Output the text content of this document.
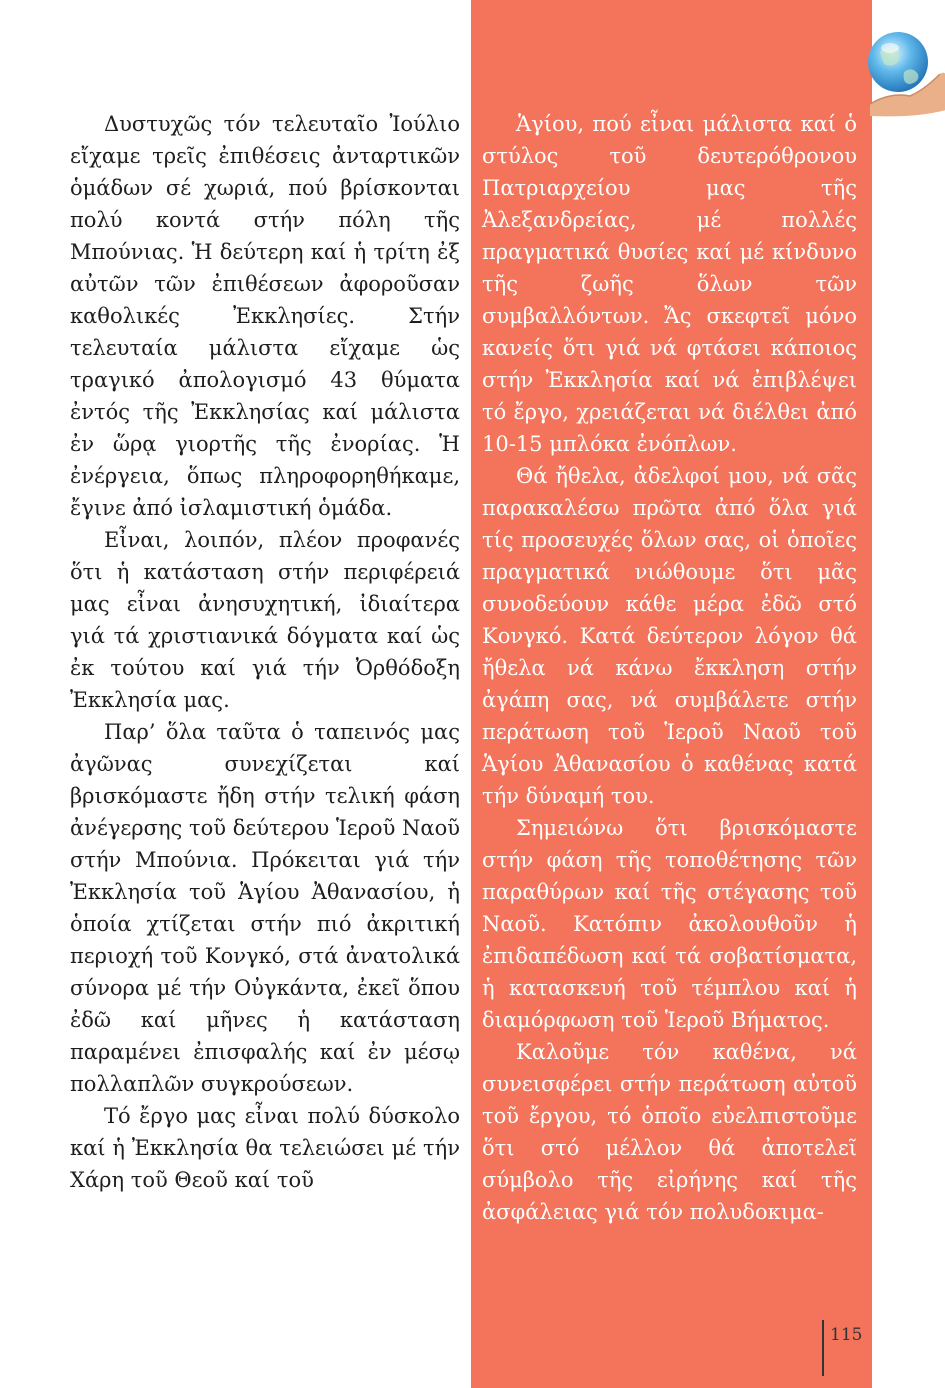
Δυστυχῶς τόν τελευταῖο Ἰούλιο εἴχαμε τρεῖς ἐπιθέσεις ἀνταρτικῶν ὁμάδων σέ χωριά, πού βρίσκονται πολύ κοντά στήν πόλη τῆς Μπούνιας. Ἡ δεύτερη καί ἡ τρίτη ἐξ αὐτῶν τῶν ἐπιθέσεων ἀφοροῦσαν καθολικές Ἐκκλησίες. Στήν τελευταία μάλιστα εἴχαμε ὡς τραγικό ἀπολογισμό 43 θύματα ἐντός τῆς Ἐκκλησίας καί μάλιστα ἐν ὥρᾳ γιορτῆς τῆς ἐνορίας. Ἡ ἐνέργεια, ὅπως πληροφορηθήκαμε, ἔγινε ἀπό ἰσλαμιστική ὁμάδα.

Εἶναι, λοιπόν, πλέον προφανές ὅτι ἡ κατάσταση στήν περιφέρειά μας εἶναι ἀνησυχητική, ἰδιαίτερα γιά τά χριστιανικά δόγματα καί ὡς ἐκ τούτου καί γιά τήν Ὀρθόδοξη Ἐκκλησία μας.

Παρ’ ὅλα ταῦτα ὁ ταπεινός μας ἀγῶνας συνεχίζεται καί βρισκόμαστε ἤδη στήν τελική φάση ἀνέγερσης τοῦ δεύτερου Ἱεροῦ Ναοῦ στήν Μπούνια. Πρόκειται γιά τήν Ἐκκλησία τοῦ Ἁγίου Ἀθανασίου, ἡ ὁποία χτίζεται στήν πιό ἀκριτική περιοχή τοῦ Κονγκό, στά ἀνατολικά σύνορα μέ τήν Οὐγκάντα, ἐκεῖ ὅπου ἐδῶ καί μῆνες ἡ κατάσταση παραμένει ἐπισφαλής καί ἐν μέσῳ πολλαπλῶν συγκρούσεων.

Τό ἔργο μας εἶναι πολύ δύσκολο καί ἡ Ἐκκλησία θα τελειώσει μέ τήν Χάρη τοῦ Θεοῦ καί τοῦ

Ἁγίου, πού εἶναι μάλιστα καί ὁ στύλος τοῦ δευτερόθρονου Πατριαρχείου μας τῆς Ἀλεξανδρείας, μέ πολλές πραγματικά θυσίες καί μέ κίνδυνο τῆς ζωῆς ὅλων τῶν συμβαλλόντων. Ἄς σκεφτεῖ μόνο κανείς ὅτι γιά νά φτάσει κάποιος στήν Ἐκκλησία καί νά ἐπιβλέψει τό ἔργο, χρειάζεται νά διέλθει ἀπό 10-15 μπλόκα ἐνόπλων.

Θά ἤθελα, ἀδελφοί μου, νά σᾶς παρακαλέσω πρῶτα ἀπό ὅλα γιά τίς προσευχές ὅλων σας, οἱ ὁποῖες πραγματικά νιώθουμε ὅτι μᾶς συνοδεύουν κάθε μέρα ἐδῶ στό Κονγκό. Κατά δεύτερον λόγον θά ἤθελα νά κάνω ἔκκληση στήν ἀγάπη σας, νά συμβάλετε στήν περάτωση τοῦ Ἱεροῦ Ναοῦ τοῦ Ἁγίου Ἀθανασίου ὁ καθένας κατά τήν δύναμή του.

Σημειώνω ὅτι βρισκόμαστε στήν φάση τῆς τοποθέτησης τῶν παραθύρων καί τῆς στέγασης τοῦ Ναοῦ. Κατόπιν ἀκολουθοῦν ἡ ἐπιδαπέδωση καί τά σοβατίσματα, ἡ κατασκευή τοῦ τέμπλου καί ἡ διαμόρφωση τοῦ Ἱεροῦ Βήματος.

Καλοῦμε τόν καθένα, νά συνεισφέρει στήν περάτωση αὐτοῦ τοῦ ἔργου, τό ὁποῖο εὐελπιστοῦμε ὅτι στό μέλλον θά ἀποτελεῖ σύμβολο τῆς εἰρήνης καί τῆς ἀσφάλειας γιά τόν πολυδοκιμα-

115
